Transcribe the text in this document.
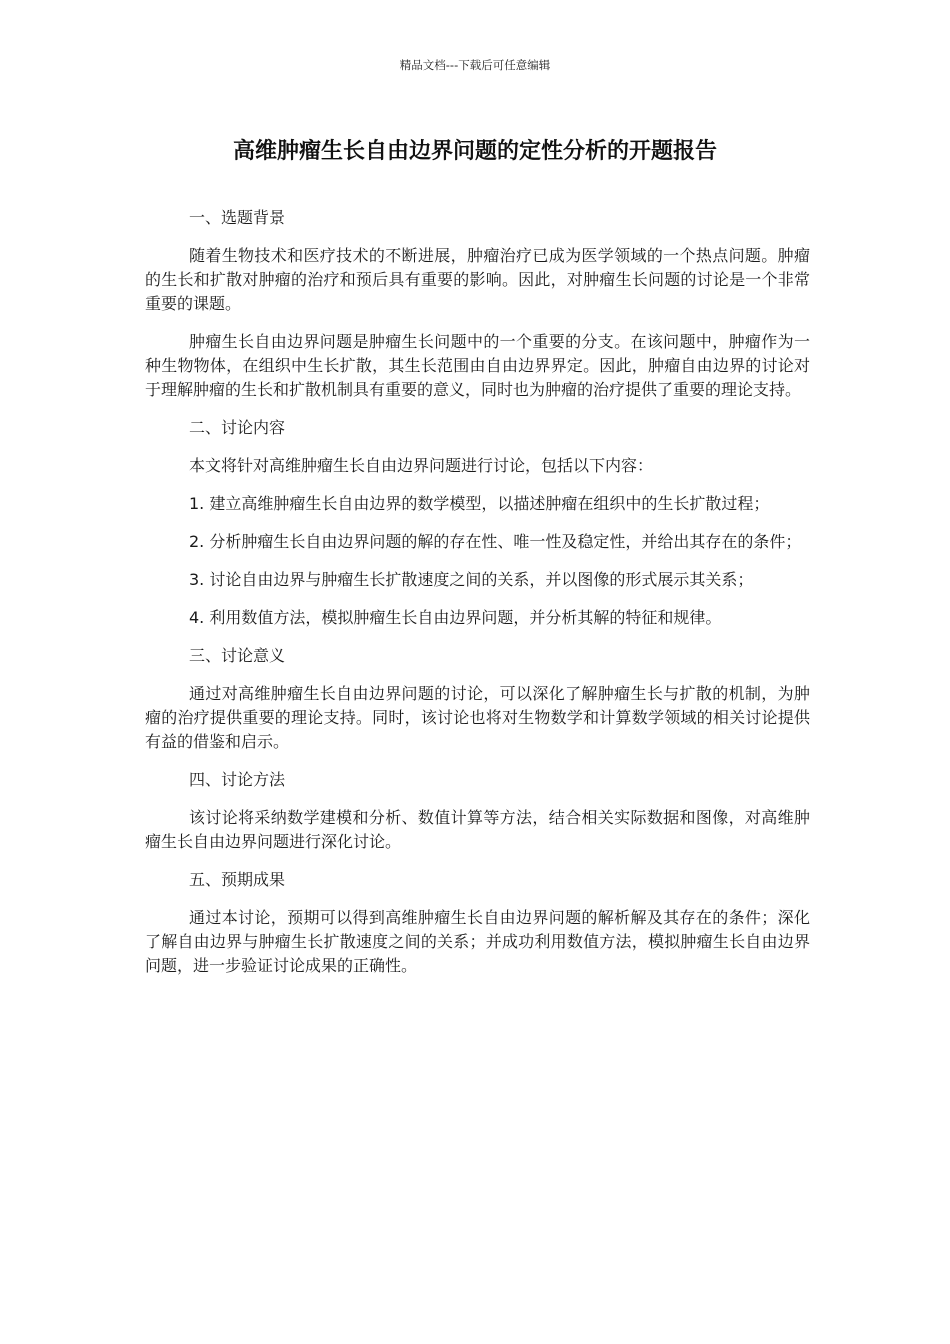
精品文档---下载后可任意编辑
高维肿瘤生长自由边界问题的定性分析的开题报告

一、选题背景

随着生物技术和医疗技术的不断进展，肿瘤治疗已成为医学领域的一个热点问题。肿瘤的生长和扩散对肿瘤的治疗和预后具有重要的影响。因此，对肿瘤生长问题的讨论是一个非常重要的课题。

肿瘤生长自由边界问题是肿瘤生长问题中的一个重要的分支。在该问题中，肿瘤作为一种生物物体，在组织中生长扩散，其生长范围由自由边界界定。因此，肿瘤自由边界的讨论对于理解肿瘤的生长和扩散机制具有重要的意义，同时也为肿瘤的治疗提供了重要的理论支持。

二、讨论内容

本文将针对高维肿瘤生长自由边界问题进行讨论，包括以下内容：

1. 建立高维肿瘤生长自由边界的数学模型，以描述肿瘤在组织中的生长扩散过程；

2. 分析肿瘤生长自由边界问题的解的存在性、唯一性及稳定性，并给出其存在的条件；

3. 讨论自由边界与肿瘤生长扩散速度之间的关系，并以图像的形式展示其关系；

4. 利用数值方法，模拟肿瘤生长自由边界问题，并分析其解的特征和规律。

三、讨论意义

通过对高维肿瘤生长自由边界问题的讨论，可以深化了解肿瘤生长与扩散的机制，为肿瘤的治疗提供重要的理论支持。同时，该讨论也将对生物数学和计算数学领域的相关讨论提供有益的借鉴和启示。

四、讨论方法

该讨论将采纳数学建模和分析、数值计算等方法，结合相关实际数据和图像，对高维肿瘤生长自由边界问题进行深化讨论。

五、预期成果

通过本讨论，预期可以得到高维肿瘤生长自由边界问题的解析解及其存在的条件；深化了解自由边界与肿瘤生长扩散速度之间的关系；并成功利用数值方法，模拟肿瘤生长自由边界问题，进一步验证讨论成果的正确性。
